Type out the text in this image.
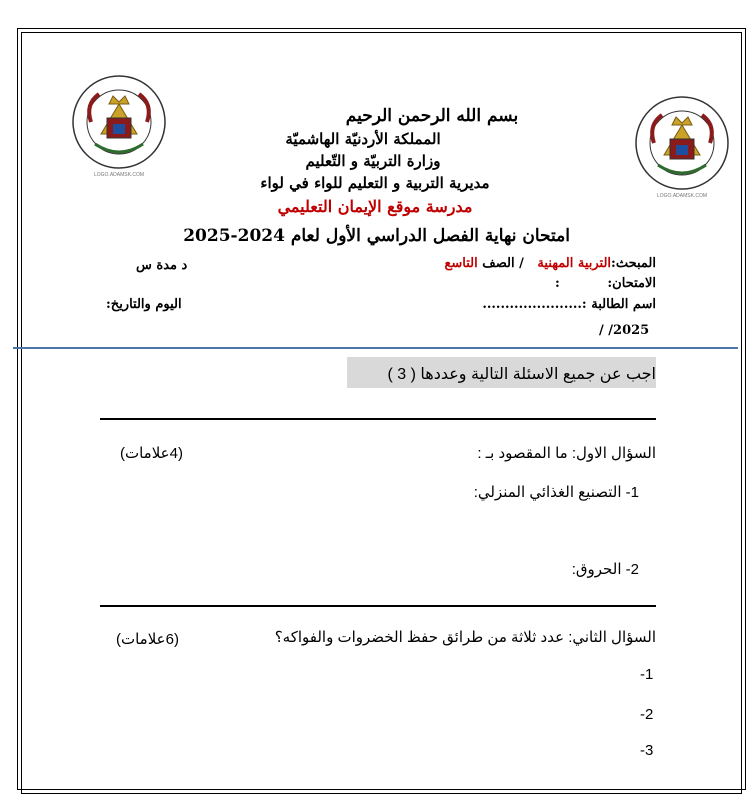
LOGO.ADAMSK.COM
LOGO.ADAMSK.COM
بسم الله الرحمن الرحيم
المملكة الأردنيّة الهاشميّة
وزارة التربيّة و التّعليم
مديرية التربية و التعليم للواء في لواء
مدرسة موقع الإيمان التعليمي
امتحان نهاية الفصل الدراسي الأول لعام 2024-2025
المبحث:التربية المهنية   / الصف التاسع
د مدة س
الامتحان:
:
اسم الطالبة :......................
اليوم والتاريخ:
/ /2025
اجب عن جميع الاسئلة التالية وعددها ( 3 )
السؤال الاول: ما المقصود بـ :
(4علامات)
1- التصنيع الغذائي المنزلي:
2- الحروق:
السؤال الثاني: عدد ثلاثة من طرائق حفظ الخضروات والفواكه؟
(6علامات)
-1
-2
-3
